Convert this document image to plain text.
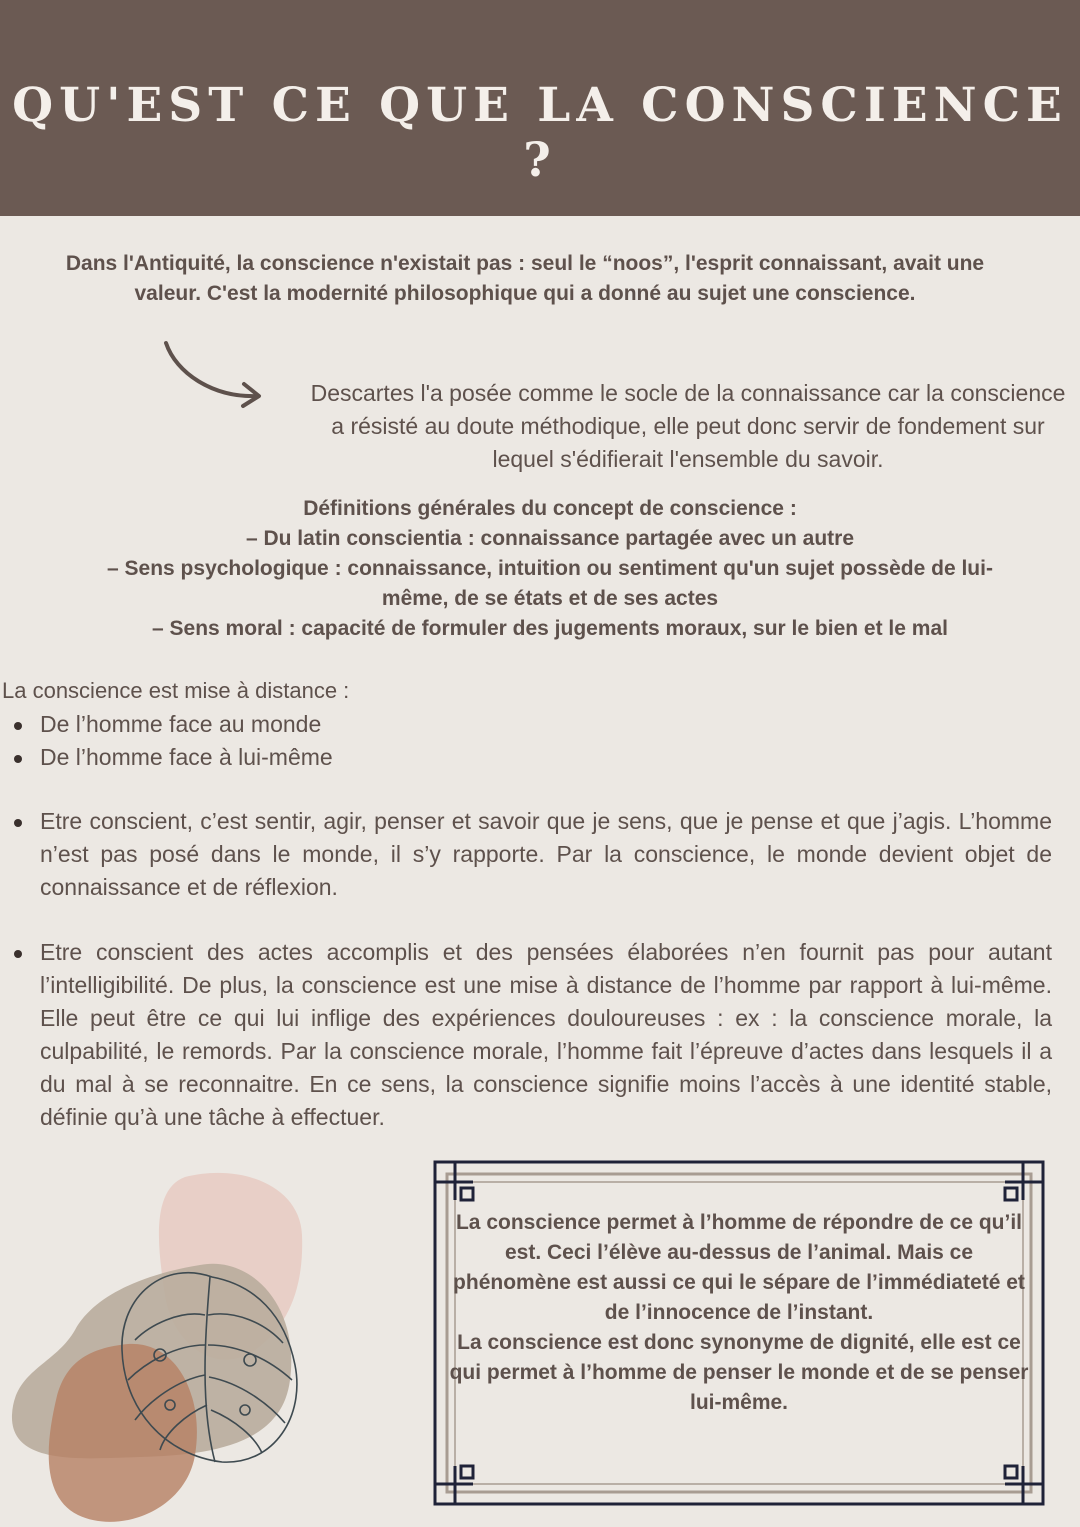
QU'EST CE QUE LA CONSCIENCE ?

Dans l'Antiquité, la conscience n'existait pas : seul le “noos”, l'esprit connaissant, avait une valeur. C'est la modernité philosophique qui a donné au sujet une conscience.

Descartes l'a posée comme le socle de la connaissance car la conscience a résisté au doute méthodique, elle peut donc servir de fondement sur lequel s'édifierait l'ensemble du savoir.

Définitions générales du concept de conscience :

– Du latin conscientia : connaissance partagée avec un autre

– Sens psychologique : connaissance, intuition ou sentiment qu'un sujet possède de lui-même, de se états et de ses actes

– Sens moral : capacité de formuler des jugements moraux, sur le bien et le mal

La conscience est mise à distance :

De l’homme face au monde
De l’homme face à lui-même

Etre conscient, c’est sentir, agir, penser et savoir que je sens, que je pense et que j’agis. L’homme n’est pas posé dans le monde, il s’y rapporte. Par la conscience, le monde devient objet de connaissance et de réflexion.

Etre conscient des actes accomplis et des pensées élaborées n’en fournit pas pour autant l’intelligibilité. De plus, la conscience est une mise à distance de l’homme par rapport à lui-même. Elle peut être ce qui lui inflige des expériences douloureuses : ex : la conscience morale, la culpabilité, le remords. Par la conscience morale, l’homme fait l’épreuve d’actes dans lesquels il a du mal à se reconnaitre. En ce sens, la conscience signifie moins l’accès à une identité stable, définie qu’à une tâche à effectuer.

La conscience permet à l’homme de répondre de ce qu’il est. Ceci l’élève au-dessus de l’animal. Mais ce phénomène est aussi ce qui le sépare de l’immédiateté et de l’innocence de l’instant.

La conscience est donc synonyme de dignité, elle est ce qui permet à l’homme de penser le monde et de se penser lui-même.
